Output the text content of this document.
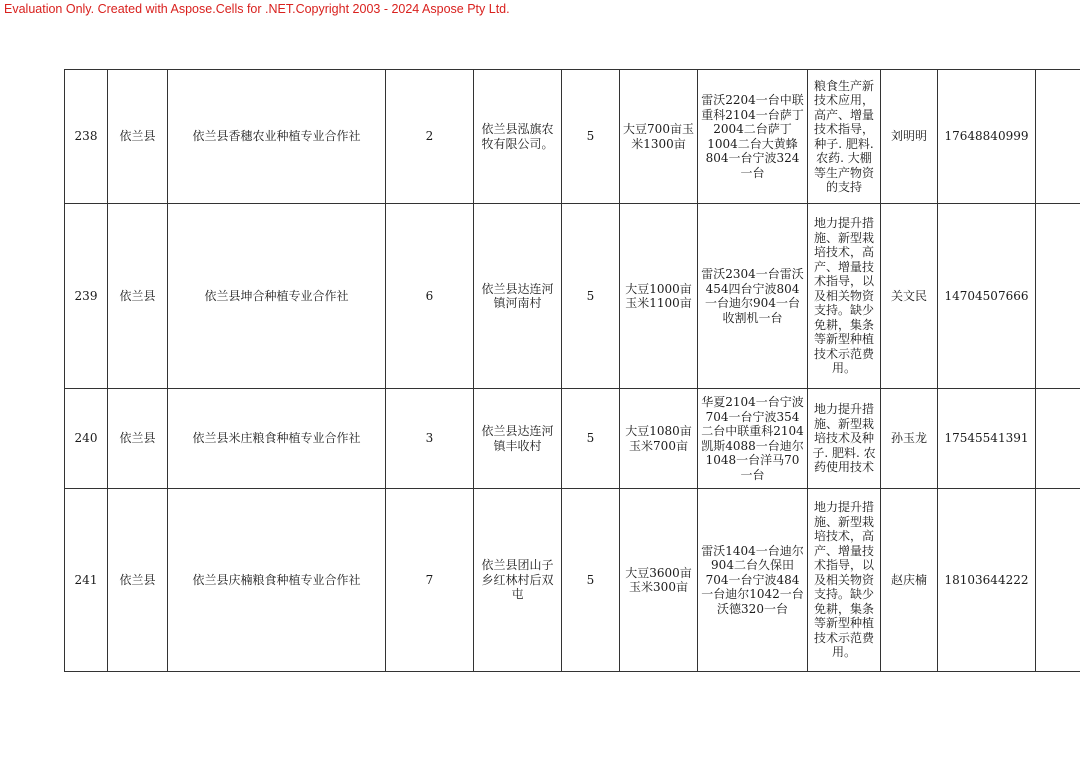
Evaluation Only. Created with Aspose.Cells for .NET.Copyright 2003 - 2024 Aspose Pty Ltd.
238	依兰县	依兰县香穗农业种植专业合作社	2	依兰县泓旗农牧有限公司。	5	大豆700亩玉米1300亩	雷沃2204一台中联重科2104一台萨丁2004二台萨丁1004二台大黄蜂804一台宁波324一台	粮食生产新技术应用，高产、增量技术指导，种子. 肥料. 农药. 大棚等生产物资的支持	刘明明	17648840999	
239	依兰县	依兰县坤合种植专业合作社	6	依兰县达连河镇河南村	5	大豆1000亩玉米1100亩	雷沃2304一台雷沃454四台宁波804一台迪尔904一台收割机一台	地力提升措施、新型栽培技术，高产、增量技术指导，以及相关物资支持。缺少免耕，集条等新型种植技术示范费用。	关文民	14704507666	
240	依兰县	依兰县米庄粮食种植专业合作社	3	依兰县达连河镇丰收村	5	大豆1080亩玉米700亩	华夏2104一台宁波704一台宁波354二台中联重科2104凯斯4088一台迪尔1048一台洋马70一台	地力提升措施、新型栽培技术及种子. 肥料. 农药使用技术	孙玉龙	17545541391	
241	依兰县	依兰县庆楠粮食种植专业合作社	7	依兰县团山子乡红林村后双屯	5	大豆3600亩玉米300亩	雷沃1404一台迪尔904二台久保田704一台宁波484一台迪尔1042一台沃德320一台	地力提升措施、新型栽培技术，高产、增量技术指导，以及相关物资支持。缺少免耕，集条等新型种植技术示范费用。	赵庆楠	18103644222	
